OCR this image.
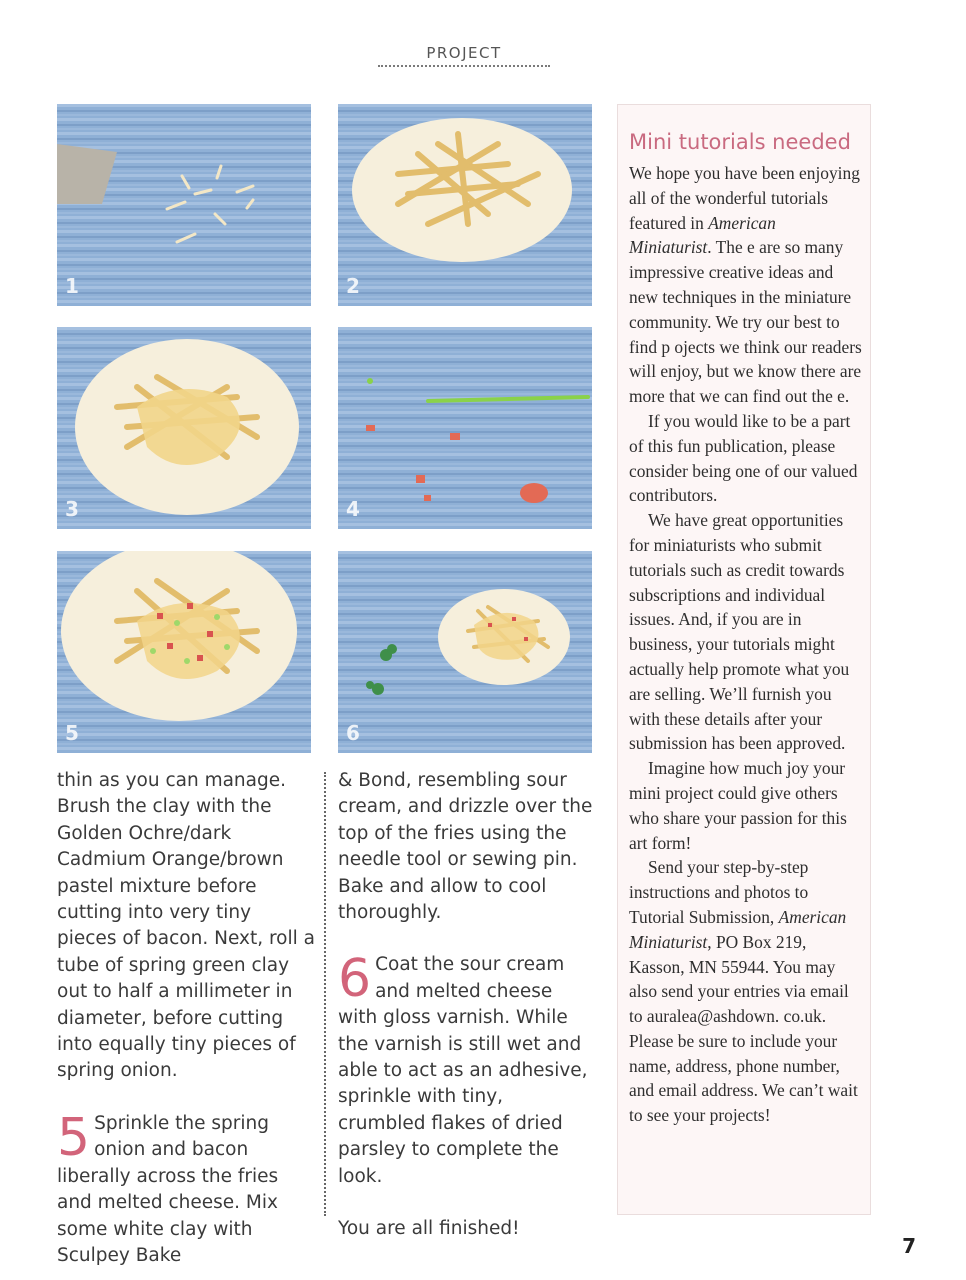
PROJECT
1	2
3	4
5	6

thin as you can manage. Brush the clay with the Golden Ochre/dark Cadmium Orange/brown pastel mixture before cutting into very tiny pieces of bacon. Next, roll a tube of spring green clay out to half a millimeter in diameter, before cutting into equally tiny pieces of spring onion.

5 Sprinkle the spring onion and bacon liberally across the fries and melted cheese. Mix some white clay with Sculpey Bake

& Bond, resembling sour cream, and drizzle over the top of the fries using the needle tool or sewing pin. Bake and allow to cool thoroughly.

6 Coat the sour cream and melted cheese with gloss varnish. While the varnish is still wet and able to act as an adhesive, sprinkle with tiny, crumbled flakes of dried parsley to complete the look.

You are all finished!

Mini tutorials needed

We hope you have been enjoying all of the wonderful tutorials featured in American Miniaturist. The e are so many impressive creative ideas and new techniques in the miniature community. We try our best to find p ojects we think our readers will enjoy, but we know there are more that we can find out the e.

If you would like to be a part of this fun publication, please consider being one of our valued contributors.

We have great opportunities for miniaturists who submit tutorials such as credit towards subscriptions and individual issues. And, if you are in business, your tutorials might actually help promote what you are selling. We’ll furnish you with these details after your submission has been approved.

Imagine how much joy your mini project could give others who share your passion for this art form!

Send your step-by-step instructions and photos to Tutorial Submission, American Miniaturist, PO Box 219, Kasson, MN 55944. You may also send your entries via email to auralea@ashdown. co.uk. Please be sure to include your name, address, phone number, and email address. We can’t wait to see your projects!

7
